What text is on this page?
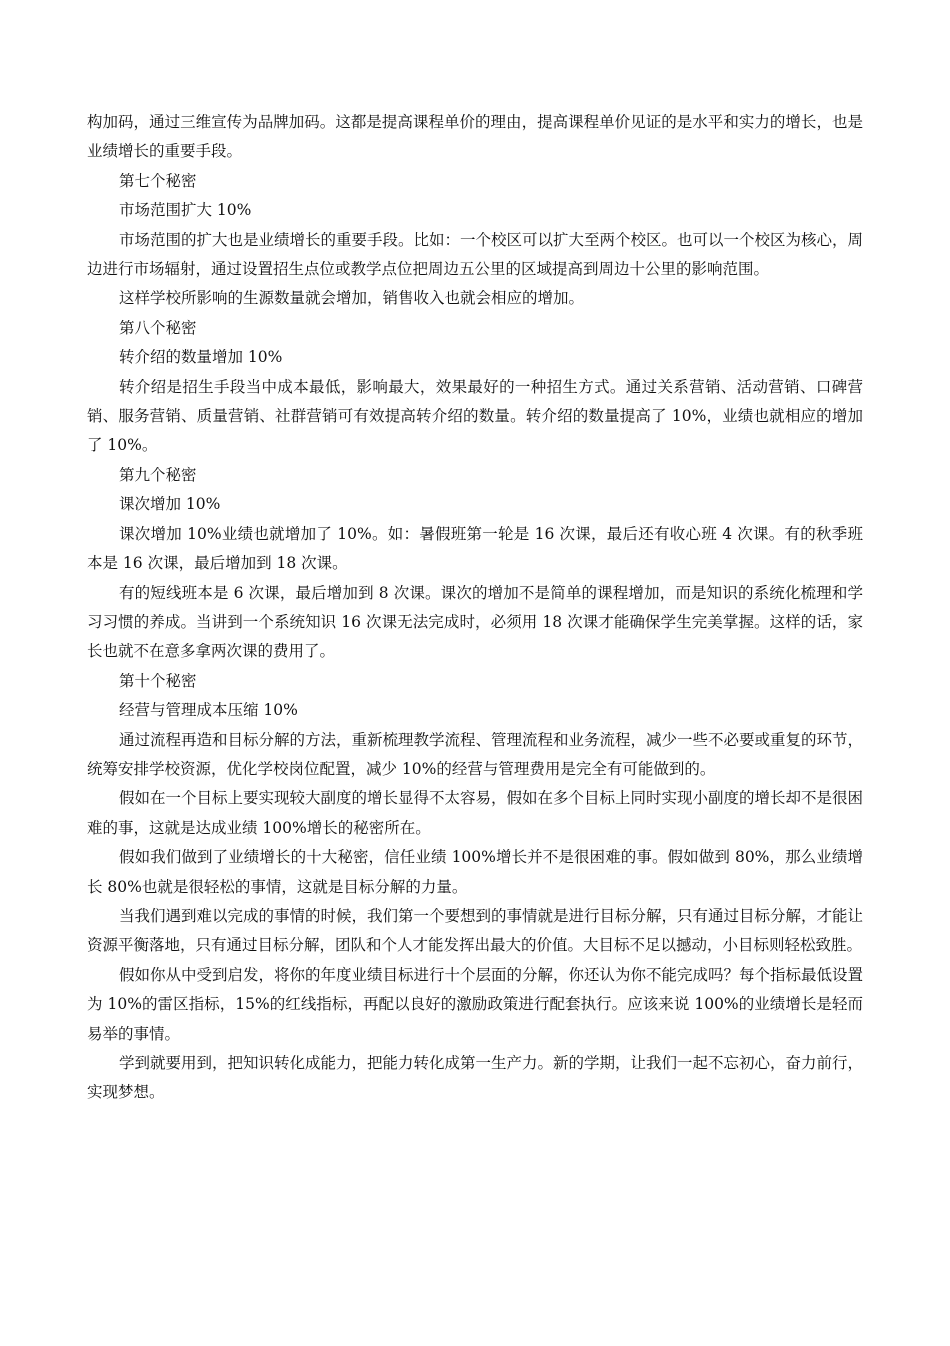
构加码，通过三维宣传为品牌加码。这都是提高课程单价的理由，提高课程单价见证的是水平和实力的增长，也是业绩增长的重要手段。

第七个秘密

市场范围扩大 10%

市场范围的扩大也是业绩增长的重要手段。比如：一个校区可以扩大至两个校区。也可以一个校区为核心，周边进行市场辐射，通过设置招生点位或教学点位把周边五公里的区域提高到周边十公里的影响范围。

这样学校所影响的生源数量就会增加，销售收入也就会相应的增加。

第八个秘密

转介绍的数量增加 10%

转介绍是招生手段当中成本最低，影响最大，效果最好的一种招生方式。通过关系营销、活动营销、口碑营销、服务营销、质量营销、社群营销可有效提高转介绍的数量。转介绍的数量提高了 10%，业绩也就相应的增加了 10%。

第九个秘密

课次增加 10%

课次增加 10%业绩也就增加了 10%。如：暑假班第一轮是 16 次课，最后还有收心班 4 次课。有的秋季班本是 16 次课，最后增加到 18 次课。

有的短线班本是 6 次课，最后增加到 8 次课。课次的增加不是简单的课程增加，而是知识的系统化梳理和学习习惯的养成。当讲到一个系统知识 16 次课无法完成时，必须用 18 次课才能确保学生完美掌握。这样的话，家长也就不在意多拿两次课的费用了。

第十个秘密

经营与管理成本压缩 10%

通过流程再造和目标分解的方法，重新梳理教学流程、管理流程和业务流程，减少一些不必要或重复的环节，统筹安排学校资源，优化学校岗位配置，减少 10%的经营与管理费用是完全有可能做到的。

假如在一个目标上要实现较大副度的增长显得不太容易，假如在多个目标上同时实现小副度的增长却不是很困难的事，这就是达成业绩 100%增长的秘密所在。

假如我们做到了业绩增长的十大秘密，信任业绩 100%增长并不是很困难的事。假如做到 80%，那么业绩增长 80%也就是很轻松的事情，这就是目标分解的力量。

当我们遇到难以完成的事情的时候，我们第一个要想到的事情就是进行目标分解，只有通过目标分解，才能让资源平衡落地，只有通过目标分解，团队和个人才能发挥出最大的价值。大目标不足以撼动，小目标则轻松致胜。

假如你从中受到启发，将你的年度业绩目标进行十个层面的分解，你还认为你不能完成吗？每个指标最低设置为 10%的雷区指标，15%的红线指标，再配以良好的激励政策进行配套执行。应该来说 100%的业绩增长是轻而易举的事情。

学到就要用到，把知识转化成能力，把能力转化成第一生产力。新的学期，让我们一起不忘初心，奋力前行，实现梦想。
